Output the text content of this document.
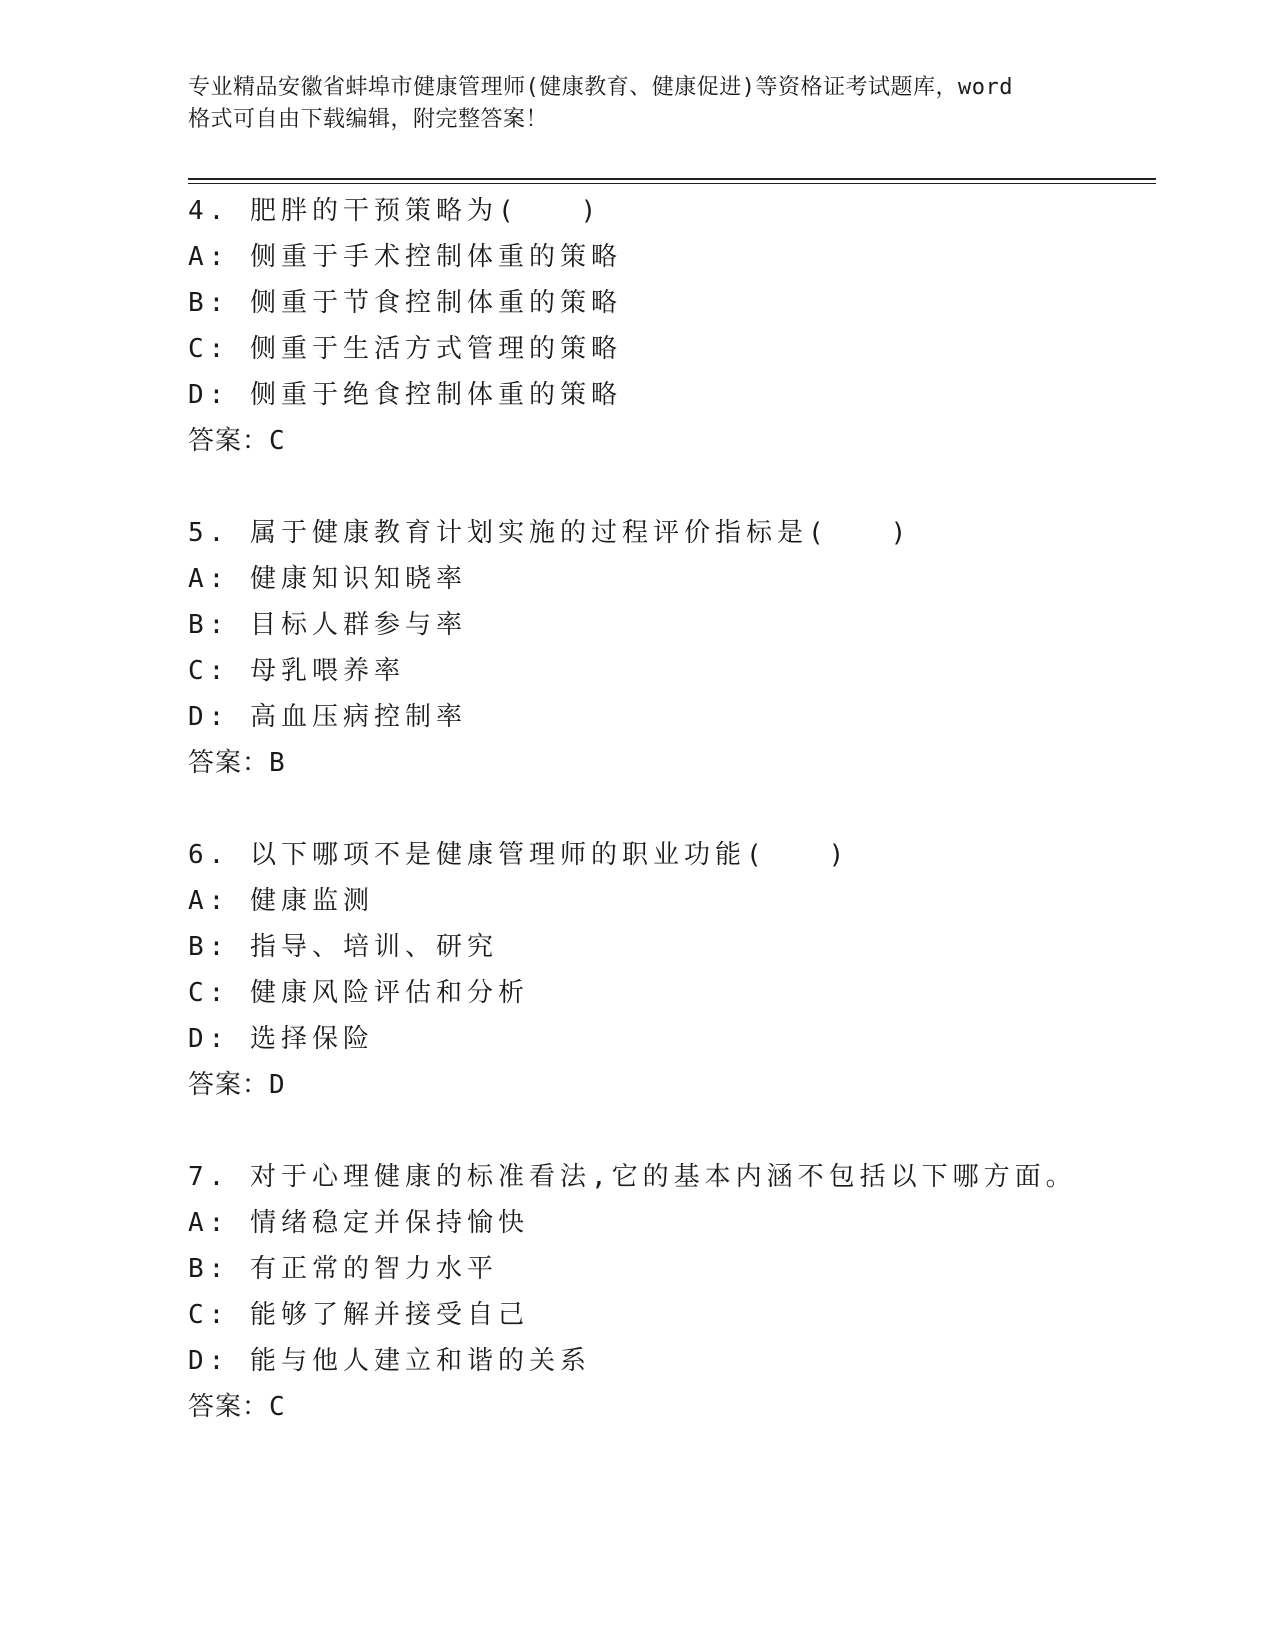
专业精品安徽省蚌埠市健康管理师(健康教育、健康促进)等资格证考试题库，word
格式可自由下载编辑，附完整答案！
4. 肥胖的干预策略为(　　)
A: 侧重于手术控制体重的策略
B: 侧重于节食控制体重的策略
C: 侧重于生活方式管理的策略
D: 侧重于绝食控制体重的策略
答案：C
5. 属于健康教育计划实施的过程评价指标是(　　)
A: 健康知识知晓率
B: 目标人群参与率
C: 母乳喂养率
D: 高血压病控制率
答案：B
6. 以下哪项不是健康管理师的职业功能(　　)
A: 健康监测
B: 指导、培训、研究
C: 健康风险评估和分析
D: 选择保险
答案：D
7. 对于心理健康的标准看法,它的基本内涵不包括以下哪方面。
A: 情绪稳定并保持愉快
B: 有正常的智力水平
C: 能够了解并接受自己
D: 能与他人建立和谐的关系
答案：C
